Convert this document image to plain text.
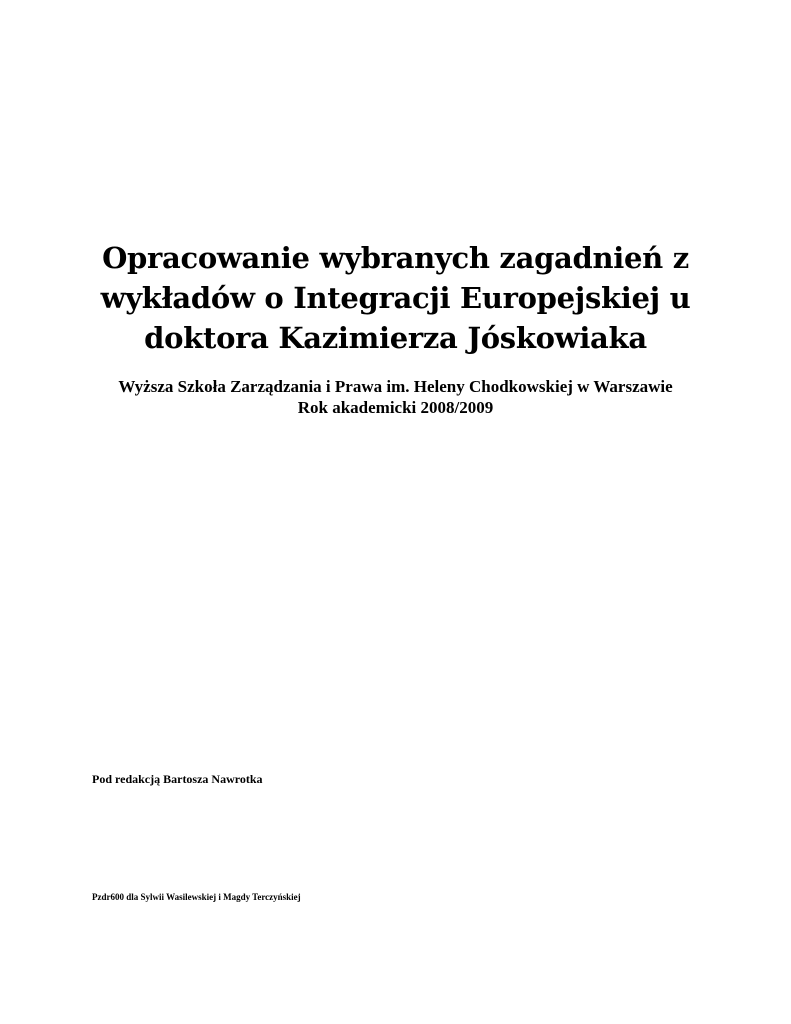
Opracowanie wybranych zagadnień z
wykładów o Integracji Europejskiej u
doktora Kazimierza Jóskowiaka
Wyższa Szkoła Zarządzania i Prawa im. Heleny Chodkowskiej w Warszawie
Rok akademicki 2008/2009
Pod redakcją Bartosza Nawrotka
Pzdr600 dla Sylwii Wasilewskiej i Magdy Terczyńskiej
